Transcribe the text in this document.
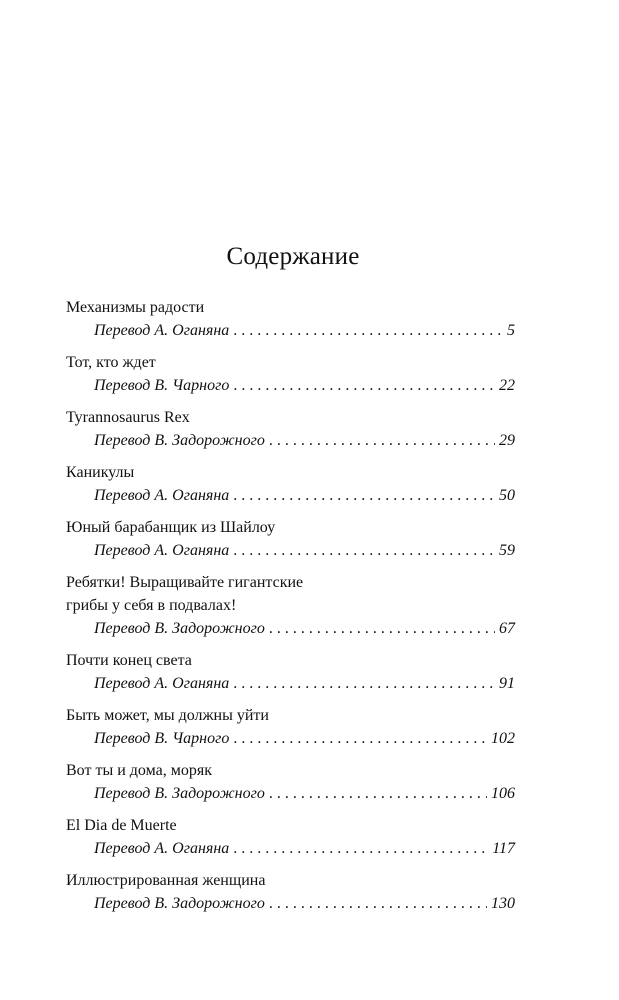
Содержание
Механизмы радости
Перевод А. Оганяна . . .	5
Тот, кто ждет
Перевод В. Чарного . . .	22
Tyrannosaurus Rex
Перевод В. Задорожного . . .	29
Каникулы
Перевод А. Оганяна . . .	50
Юный барабанщик из Шайлоу
Перевод А. Оганяна . . .	59
Ребятки! Выращивайте гигантские
грибы у себя в подвалах!
Перевод В. Задорожного . . .	67
Почти конец света
Перевод А. Оганяна . . .	91
Быть может, мы должны уйти
Перевод В. Чарного . . .	102
Вот ты и дома, моряк
Перевод В. Задорожного . . .	106
El Dia de Muerte
Перевод А. Оганяна . . .	117
Иллюстрированная женщина
Перевод В. Задорожного . . .	130
